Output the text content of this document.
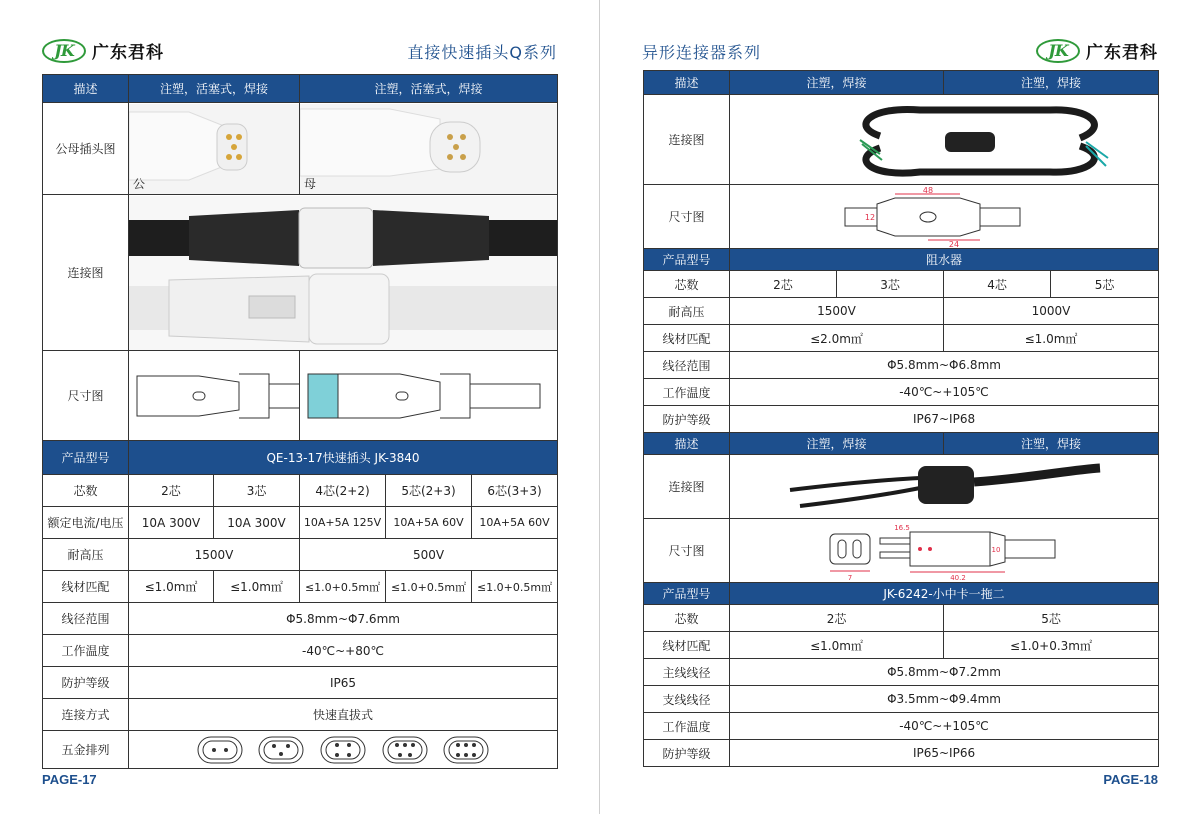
JK	广东君科	直接快速插头Q系列
描述	注塑，活塞式，焊接		注塑，活塞式，焊接		
公母插头图	公		母		

连接图	

尺寸图	

产品型号	QE-13-17快速插头 JK-3840				
芯数	2芯	3芯	4芯(2+2)	5芯(2+3)	6芯(3+3)
额定电流/电压	10A 300V	10A 300V	10A+5A 125V	10A+5A 60V	10A+5A 60V
耐高压	1500V		500V		
线材匹配	≤1.0m㎡	≤1.0m㎡	≤1.0+0.5m㎡	≤1.0+0.5m㎡	≤1.0+0.5m㎡
线径范围	Φ5.8mm~Φ7.6mm				
工作温度	-40℃~+80℃				
防护等级	IP65				
连接方式	快速直拔式				
五金排列	
PAGE-17
异形连接器系列	JK	广东君科
描述	注塑，焊接		注塑，焊接	
连接图	

尺寸图	48
12
24			

产品型号	阻水器			
芯数	2芯	3芯	4芯	5芯
耐高压	1500V		1000V	
线材匹配	≤2.0m㎡		≤1.0m㎡	
线径范围	Φ5.8mm~Φ6.8mm			
工作温度	-40℃~+105℃			
防护等级	IP67~IP68			
描述	注塑，焊接		注塑，焊接	
连接图	

尺寸图	7 40.2
10
16.5			

产品型号	JK-6242-小中卡一拖二			
芯数	2芯		5芯	
线材匹配	≤1.0m㎡		≤1.0+0.3m㎡	
主线线径	Φ5.8mm~Φ7.2mm			
支线线径	Φ3.5mm~Φ9.4mm			
工作温度	-40℃~+105℃			
防护等级	IP65~IP66			
PAGE-18
